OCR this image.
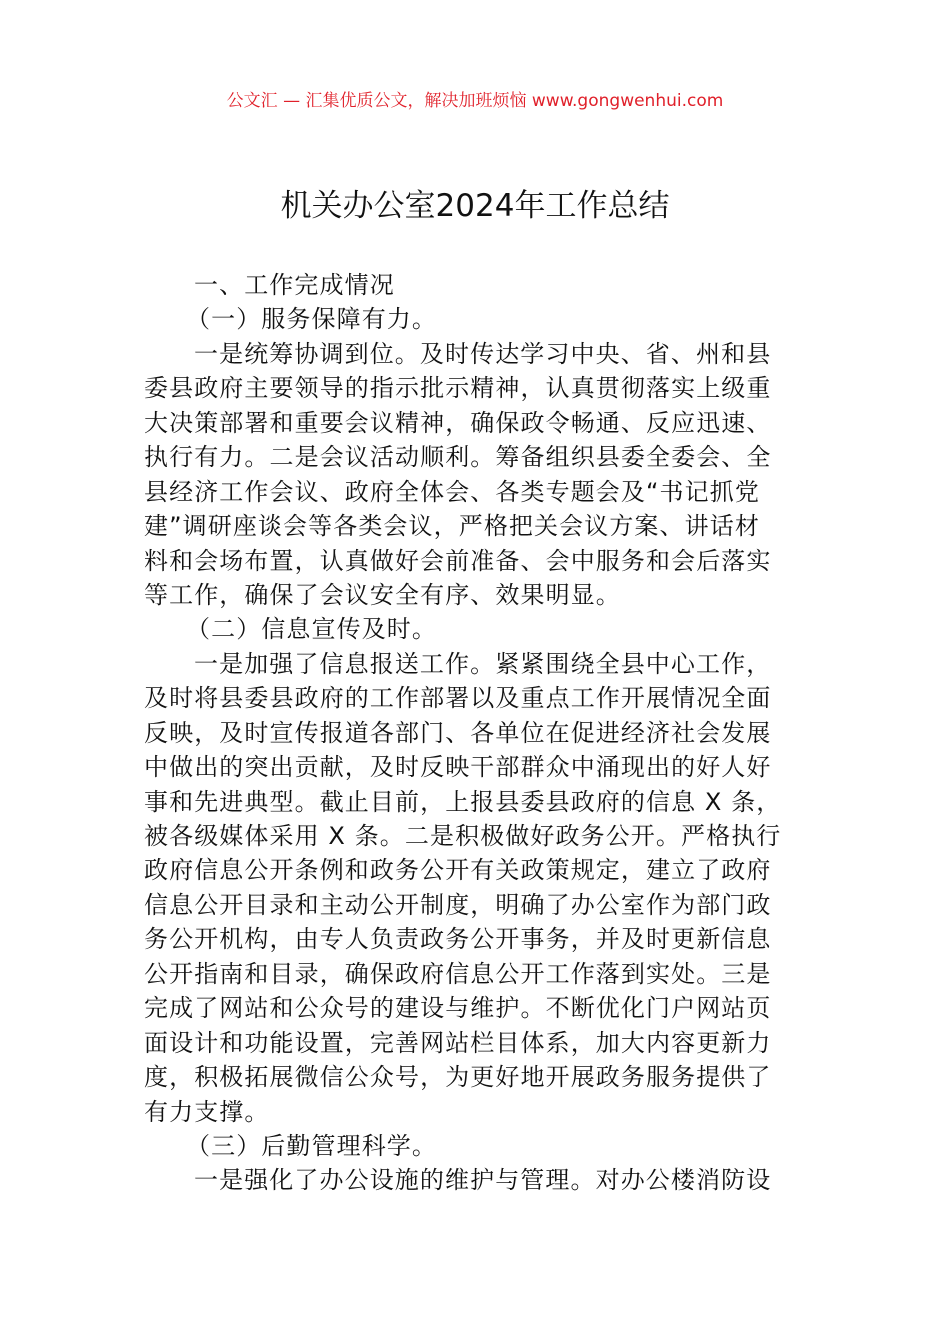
公文汇 — 汇集优质公文，解决加班烦恼 www.gongwenhui.com
机关办公室2024年工作总结
一、工作完成情况
（一）服务保障有力。
一是统筹协调到位。及时传达学习中央、省、州和县
委县政府主要领导的指示批示精神，认真贯彻落实上级重
大决策部署和重要会议精神，确保政令畅通、反应迅速、
执行有力。二是会议活动顺利。筹备组织县委全委会、全
县经济工作会议、政府全体会、各类专题会及“书记抓党
建”调研座谈会等各类会议，严格把关会议方案、讲话材
料和会场布置，认真做好会前准备、会中服务和会后落实
等工作，确保了会议安全有序、效果明显。
（二）信息宣传及时。
一是加强了信息报送工作。紧紧围绕全县中心工作，
及时将县委县政府的工作部署以及重点工作开展情况全面
反映，及时宣传报道各部门、各单位在促进经济社会发展
中做出的突出贡献，及时反映干部群众中涌现出的好人好
事和先进典型。截止目前，上报县委县政府的信息 X 条，
被各级媒体采用 X 条。二是积极做好政务公开。严格执行
政府信息公开条例和政务公开有关政策规定，建立了政府
信息公开目录和主动公开制度，明确了办公室作为部门政
务公开机构，由专人负责政务公开事务，并及时更新信息
公开指南和目录，确保政府信息公开工作落到实处。三是
完成了网站和公众号的建设与维护。不断优化门户网站页
面设计和功能设置，完善网站栏目体系，加大内容更新力
度，积极拓展微信公众号，为更好地开展政务服务提供了
有力支撑。
（三）后勤管理科学。
一是强化了办公设施的维护与管理。对办公楼消防设
